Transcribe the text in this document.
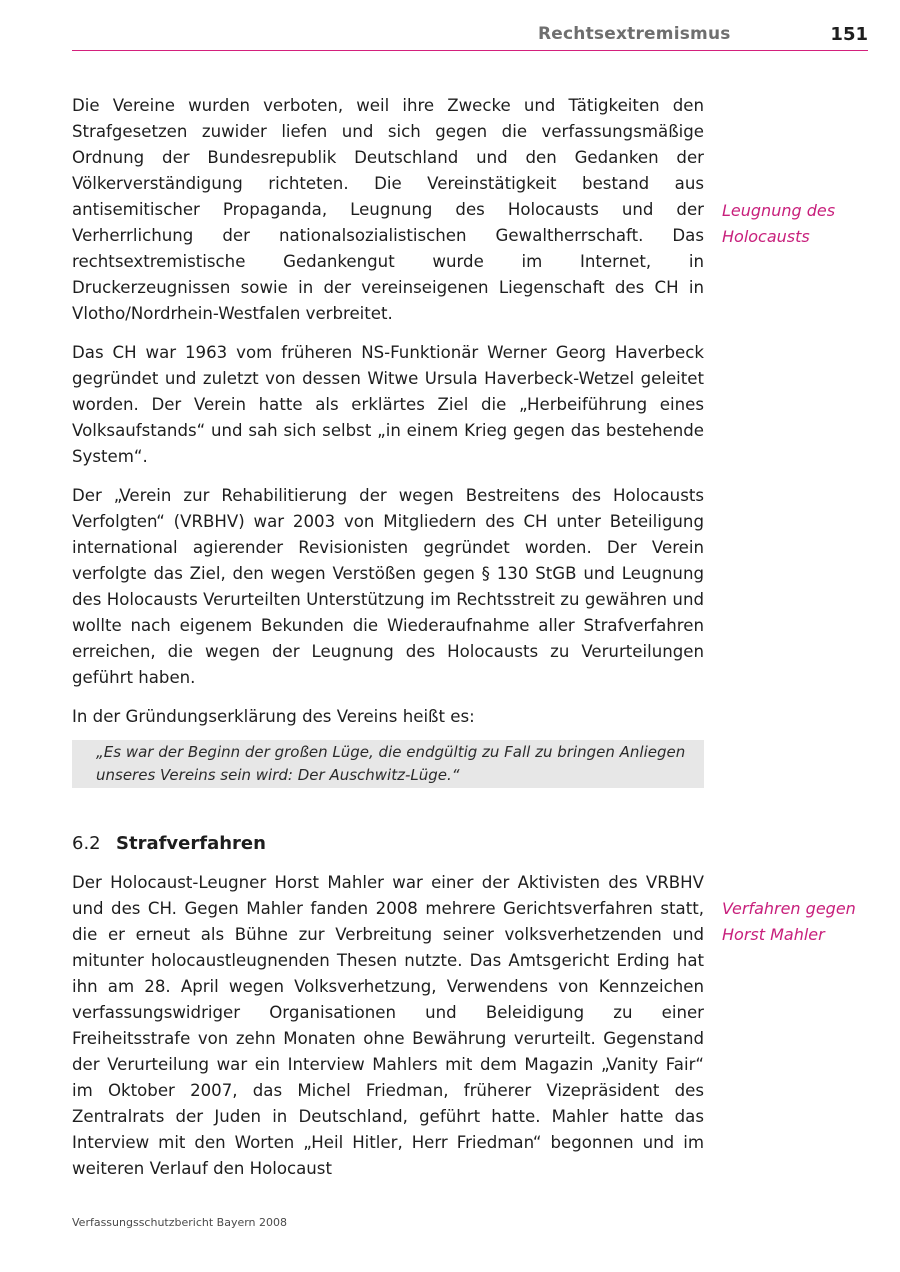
Rechtsextremismus	151

Die Vereine wurden verboten, weil ihre Zwecke und Tätigkeiten den Strafgesetzen zuwider liefen und sich gegen die verfassungsmäßige Ordnung der Bundesrepublik Deutschland und den Gedanken der Völkerverständigung richteten. Die Vereinstätigkeit bestand aus antisemitischer Propaganda, Leugnung des Holocausts und der Verherrlichung der nationalsozialistischen Gewaltherrschaft. Das rechtsextremistische Gedankengut wurde im Internet, in Druckerzeugnissen sowie in der vereinseigenen Liegenschaft des CH in Vlotho/Nordrhein-Westfalen verbreitet.

Das CH war 1963 vom früheren NS-Funktionär Werner Georg Haverbeck gegründet und zuletzt von dessen Witwe Ursula Haverbeck-Wetzel geleitet worden. Der Verein hatte als erklärtes Ziel die „Herbeiführung eines Volksaufstands“ und sah sich selbst „in einem Krieg gegen das bestehende System“.

Der „Verein zur Rehabilitierung der wegen Bestreitens des Holocausts Verfolgten“ (VRBHV) war 2003 von Mitgliedern des CH unter Beteiligung international agierender Revisionisten gegründet worden. Der Verein verfolgte das Ziel, den wegen Verstößen gegen § 130 StGB und Leugnung des Holocausts Verurteilten Unterstützung im Rechtsstreit zu gewähren und wollte nach eigenem Bekunden die Wiederaufnahme aller Strafverfahren erreichen, die wegen der Leugnung des Holocausts zu Verurteilungen geführt haben.

In der Gründungserklärung des Vereins heißt es:

Leugnung des
Holocausts
„Es war der Beginn der großen Lüge, die endgültig zu Fall zu bringen Anliegen unseres Vereins sein wird: Der Auschwitz-Lüge.“
6.2 Strafverfahren

Der Holocaust-Leugner Horst Mahler war einer der Aktivisten des VRBHV und des CH. Gegen Mahler fanden 2008 mehrere Gerichtsverfahren statt, die er erneut als Bühne zur Verbreitung seiner volksverhetzenden und mitunter holocaustleugnenden Thesen nutzte. Das Amtsgericht Erding hat ihn am 28. April wegen Volksverhetzung, Verwendens von Kennzeichen verfassungswidriger Organisationen und Beleidigung zu einer Freiheitsstrafe von zehn Monaten ohne Bewährung verurteilt. Gegenstand der Verurteilung war ein Interview Mahlers mit dem Magazin „Vanity Fair“ im Oktober 2007, das Michel Friedman, früherer Vizepräsident des Zentralrats der Juden in Deutschland, geführt hatte. Mahler hatte das Interview mit den Worten „Heil Hitler, Herr Friedman“ begonnen und im weiteren Verlauf den Holocaust

Verfahren gegen
Horst Mahler
Verfassungsschutzbericht Bayern 2008
